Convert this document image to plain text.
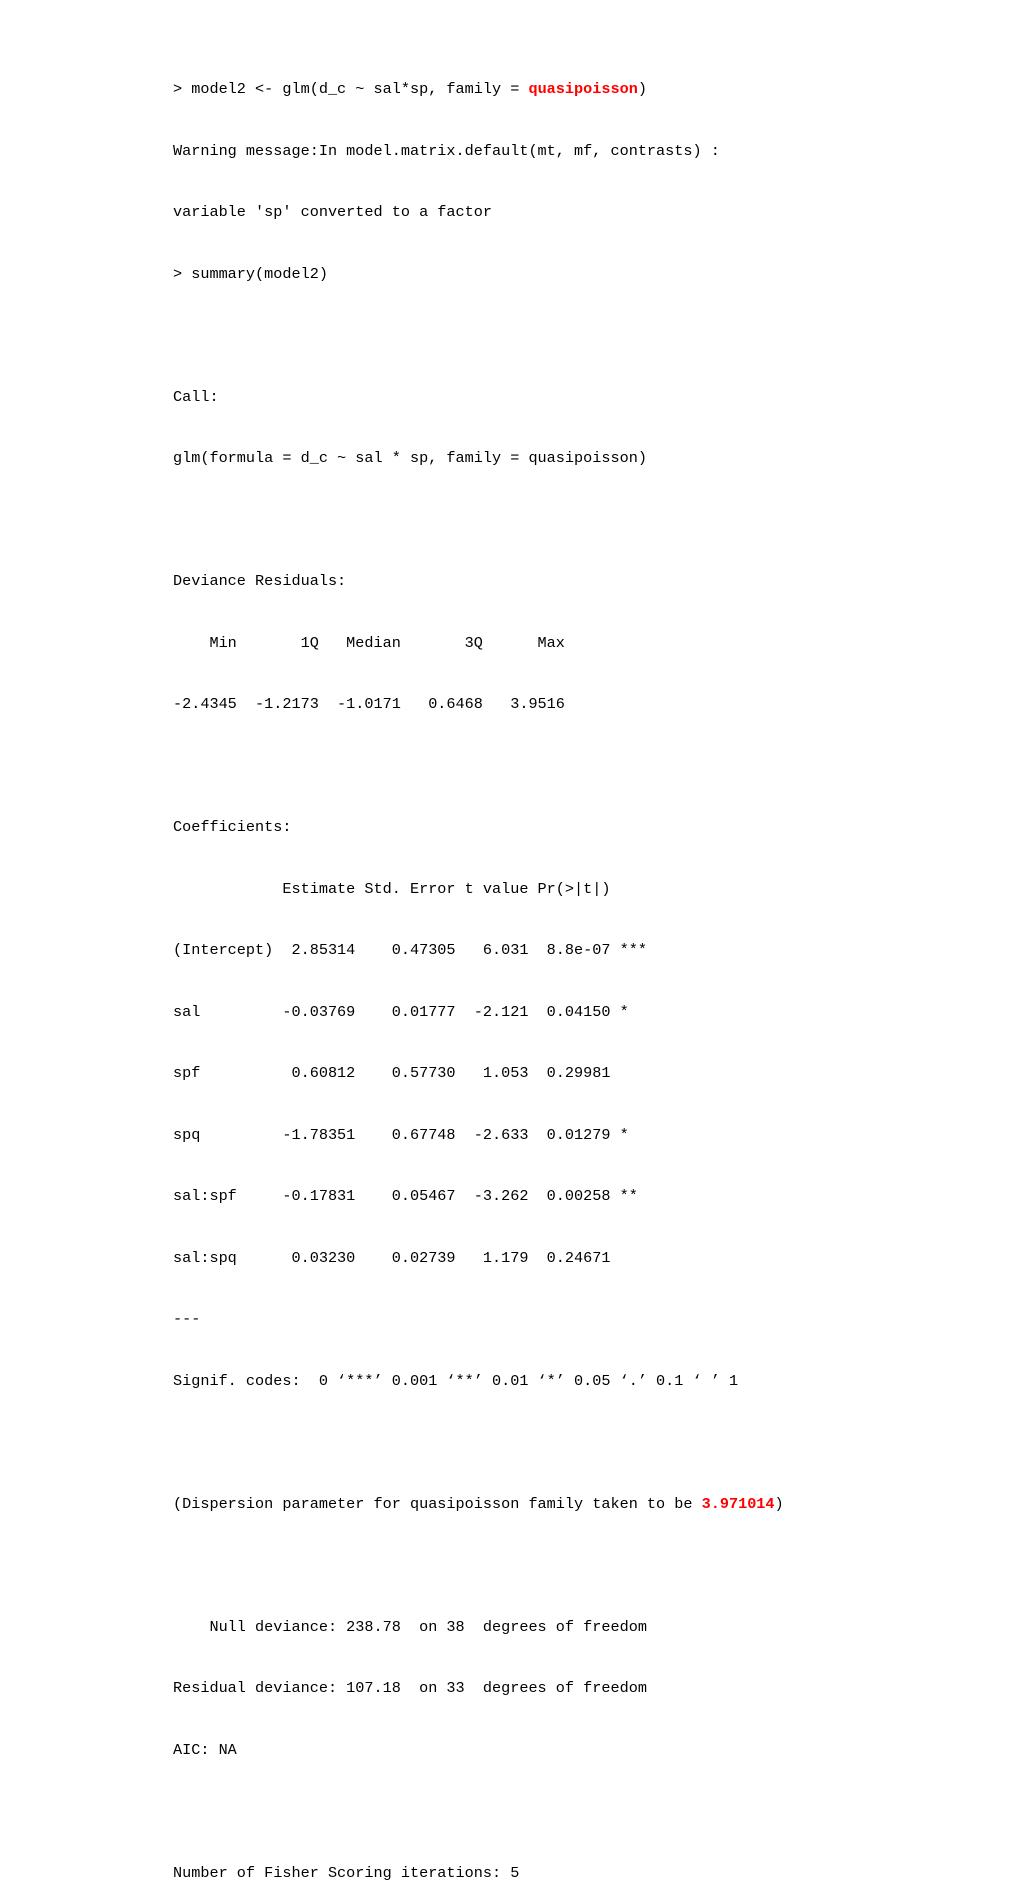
> model2 <- glm(d_c ~ sal*sp, family = quasipoisson)

Warning message:In model.matrix.default(mt, mf, contrasts) :

variable 'sp' converted to a factor

> summary(model2)

Call:

glm(formula = d_c ~ sal * sp, family = quasipoisson)

Deviance Residuals:

Min       1Q   Median       3Q      Max

-2.4345  -1.2173  -1.0171   0.6468   3.9516

Coefficients:

Estimate Std. Error t value Pr(>|t|)

(Intercept)  2.85314    0.47305   6.031  8.8e-07 ***

sal         -0.03769    0.01777  -2.121  0.04150 *

spf          0.60812    0.57730   1.053  0.29981

spq         -1.78351    0.67748  -2.633  0.01279 *

sal:spf     -0.17831    0.05467  -3.262  0.00258 **

sal:spq      0.03230    0.02739   1.179  0.24671

---

Signif. codes:  0 ‘***’ 0.001 ‘**’ 0.01 ‘*’ 0.05 ‘.’ 0.1 ‘ ’ 1

(Dispersion parameter for quasipoisson family taken to be 3.971014)

Null deviance: 238.78  on 38  degrees of freedom

Residual deviance: 107.18  on 33  degrees of freedom

AIC: NA

Number of Fisher Scoring iterations: 5
